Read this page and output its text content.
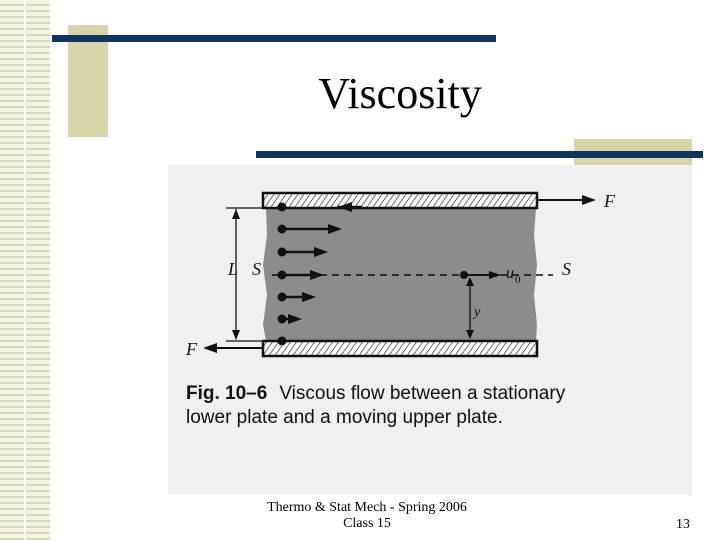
Viscosity
F
F
L S	S
u 0
y
Fig. 10–6 Viscous flow between a stationary
lower plate and a moving upper plate.
Thermo & Stat Mech - Spring 2006
Class 15	13
